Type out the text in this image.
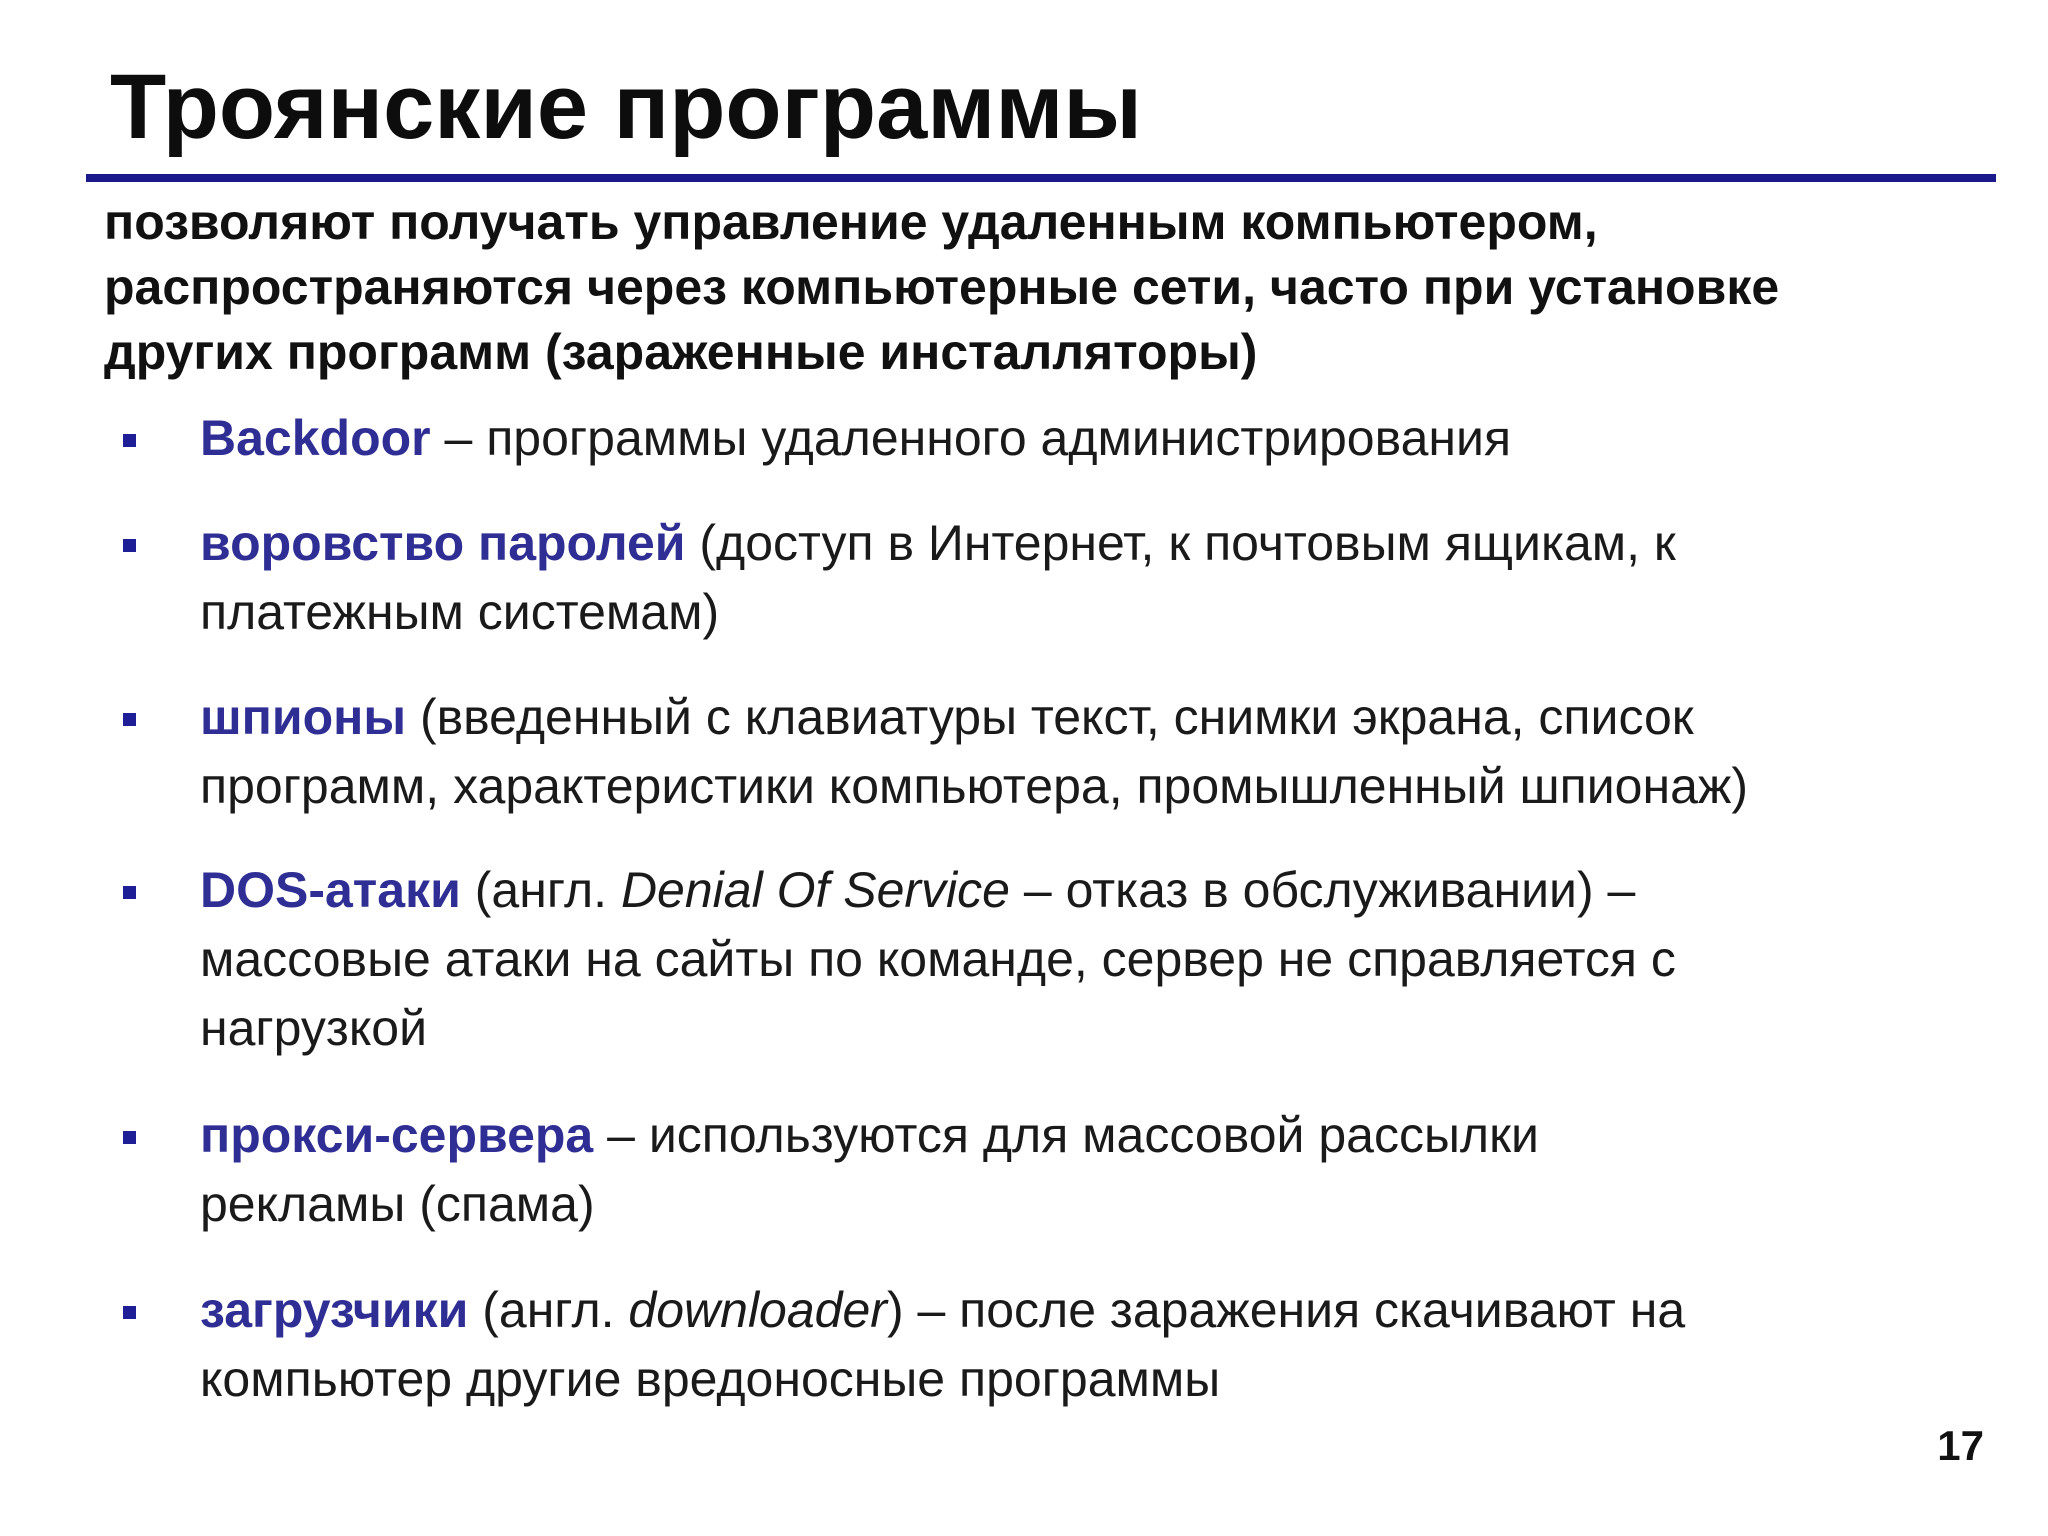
Троянские программы

позволяют получать управление удаленным компьютером,
распространяются через компьютерные сети, часто при установке
других программ (зараженные инсталляторы)

Backdoor – программы удаленного администрирования

воровство паролей (доступ в Интернет, к почтовым ящикам, к
платежным системам)

шпионы (введенный с клавиатуры текст, снимки экрана, список
программ, характеристики компьютера, промышленный шпионаж)

DOS-атаки (англ. Denial Of Service – отказ в обслуживании) –
массовые атаки на сайты по команде, сервер не справляется с
нагрузкой

прокси-сервера – используются для массовой рассылки
рекламы (спама)

загрузчики (англ. downloader) – после заражения скачивают на
компьютер другие вредоносные программы

17
